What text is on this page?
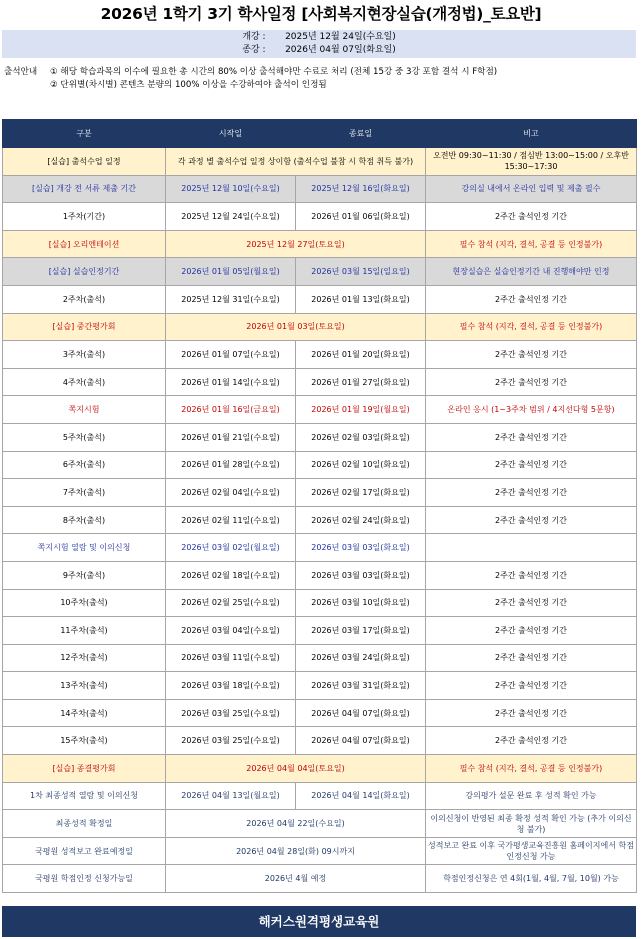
2026년 1학기 3기 학사일정 [사회복지현장실습(개정법)_토요반]
개강 : 2025년 12월 24일(수요일)
종강 : 2026년 04월 07일(화요일)
출석안내 ① 해당 학습과목의 이수에 필요한 총 시간의 80% 이상 출석해야만 수료로 처리 (전체 15강 중 3강 포함 결석 시 F학점)
② 단위별(차시별) 콘텐츠 분량의 100% 이상을 수강하여야 출석이 인정됨
구분	시작일	종료일	비고
[실습] 출석수업 일정	각 과정 별 출석수업 일정 상이함 (출석수업 불참 시 학점 취득 불가)		오전반 09:30~11:30 / 점심반 13:00~15:00 / 오후반 15:30~17:30
[실습] 개강 전 서류 제출 기간	2025년 12월 10일(수요일)	2025년 12월 16일(화요일)	강의실 내에서 온라인 입력 및 제출 필수
1주차(기간)	2025년 12월 24일(수요일)	2026년 01월 06일(화요일)	2주간 출석인정 기간
[실습] 오리엔테이션	2025년 12월 27일(토요일)		필수 참석 (지각, 결석, 공결 등 인정불가)
[실습] 실습인정기간	2026년 01월 05일(월요일)	2026년 03월 15일(일요일)	현장실습은 실습인정기간 내 진행해야만 인정
2주차(출석)	2025년 12월 31일(수요일)	2026년 01월 13일(화요일)	2주간 출석인정 기간
[실습] 중간평가회	2026년 01월 03일(토요일)		필수 참석 (지각, 결석, 공결 등 인정불가)
3주차(출석)	2026년 01월 07일(수요일)	2026년 01월 20일(화요일)	2주간 출석인정 기간
4주차(출석)	2026년 01월 14일(수요일)	2026년 01월 27일(화요일)	2주간 출석인정 기간
쪽지시험	2026년 01월 16일(금요일)	2026년 01월 19일(월요일)	온라인 응시 (1~3주차 범위 / 4지선다형 5문항)
5주차(출석)	2026년 01월 21일(수요일)	2026년 02월 03일(화요일)	2주간 출석인정 기간
6주차(출석)	2026년 01월 28일(수요일)	2026년 02월 10일(화요일)	2주간 출석인정 기간
7주차(출석)	2026년 02월 04일(수요일)	2026년 02월 17일(화요일)	2주간 출석인정 기간
8주차(출석)	2026년 02월 11일(수요일)	2026년 02월 24일(화요일)	2주간 출석인정 기간
쪽지시험 열람 및 이의신청	2026년 03월 02일(월요일)	2026년 03월 03일(화요일)	
9주차(출석)	2026년 02월 18일(수요일)	2026년 03월 03일(화요일)	2주간 출석인정 기간
10주차(출석)	2026년 02월 25일(수요일)	2026년 03월 10일(화요일)	2주간 출석인정 기간
11주차(출석)	2026년 03월 04일(수요일)	2026년 03월 17일(화요일)	2주간 출석인정 기간
12주차(출석)	2026년 03월 11일(수요일)	2026년 03월 24일(화요일)	2주간 출석인정 기간
13주차(출석)	2026년 03월 18일(수요일)	2026년 03월 31일(화요일)	2주간 출석인정 기간
14주차(출석)	2026년 03월 25일(수요일)	2026년 04월 07일(화요일)	2주간 출석인정 기간
15주차(출석)	2026년 03월 25일(수요일)	2026년 04월 07일(화요일)	2주간 출석인정 기간
[실습] 종결평가회	2026년 04월 04일(토요일)		필수 참석 (지각, 결석, 공결 등 인정불가)
1차 최종성적 열람 및 이의신청	2026년 04월 13일(월요일)	2026년 04월 14일(화요일)	강의평가 설문 완료 후 성적 확인 가능
최종성적 확정일	2026년 04월 22일(수요일)		이의신청이 반영된 최종 확정 성적 확인 가능 (추가 이의신청 불가)
국평원 성적보고 완료예정일	2026년 04월 28일(화) 09시까지		성적보고 완료 이후 국가평생교육진흥원 홈페이지에서 학점인정신청 가능
국평원 학점인정 신청가능일	2026년 4월 예정		학점인정신청은 연 4회(1월, 4월, 7월, 10월) 가능
해커스원격평생교육원
